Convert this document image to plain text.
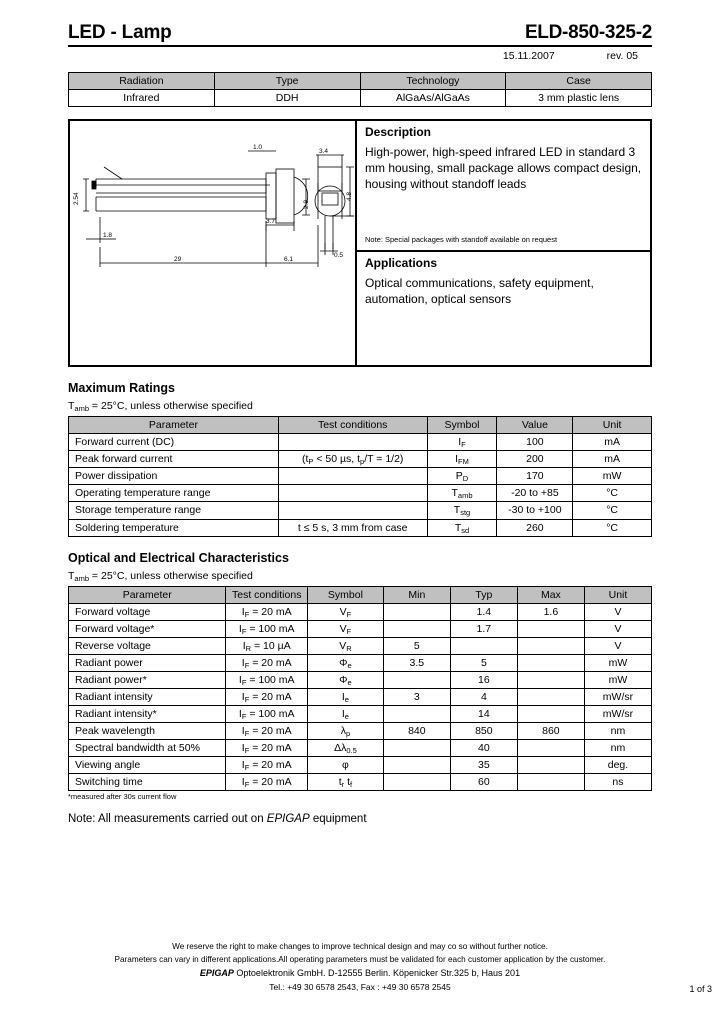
LED - Lamp	ELD-850-325-2
15.11.2007	rev. 05
Radiation	Type	Technology	Case
Infrared	DDH	AlGaAs/AlGaAs	3 mm plastic lens
2.54
1.8
29	6.1
3.7
1.0
2.8
3.4
4.8
0.5
Description
High-power, high-speed infrared LED in standard 3 mm housing, small package allows compact design, housing without standoff leads
Note: Special packages with standoff available on request
Applications
Optical communications, safety equipment, automation, optical sensors
Maximum Ratings
$T_{amb} = 25^\circ C$, unless otherwise specified
Parameter	Test conditions	Symbol	Value	Unit
Forward current (DC)		$I_F$	100	mA
Peak forward current	($t_P < 50$ µs, $t_p/T = 1/2$)	$I_{FM}$	200	mA
Power dissipation		$P_D$	170	mW
Operating temperature range		$T_{amb}$	-20 to +85	°C
Storage temperature range		$T_{stg}$	-30 to +100	°C
Soldering temperature	t ≤ 5 s, 3 mm from case	$T_{sd}$	260	°C
Optical and Electrical Characteristics
$T_{amb} = 25^\circ C$, unless otherwise specified
Parameter	Test conditions	Symbol	Min	Typ	Max	Unit
Forward voltage	$I_F = 20$ mA	$V_F$		1.4	1.6	V
Forward voltage*	$I_F = 100$ mA	$V_F$		1.7		V
Reverse voltage	$I_R = 10$ µA	$V_R$	5			V
Radiant power	$I_F = 20$ mA	$\Phi_e$	3.5	5		mW
Radiant power*	$I_F = 100$ mA	$\Phi_e$		16		mW
Radiant intensity	$I_F = 20$ mA	$I_e$	3	4		mW/sr
Radiant intensity*	$I_F = 100$ mA	$I_e$		14		mW/sr
Peak wavelength	$I_F = 20$ mA	$\lambda_p$	840	850	860	nm
Spectral bandwidth at 50%	$I_F = 20$ mA	$\Delta\lambda_{0.5}$		40		nm
Viewing angle	$I_F = 20$ mA	φ		35		deg.
Switching time	$I_F = 20$ mA	$t_r$ $t_f$		60		ns
*measured after 30s current flow
Note: All measurements carried out on EPIGAP equipment
We reserve the right to make changes to improve technical design and may co so without further notice.
Parameters can vary in different applications.All operating parameters must be validated for each customer application by the customer.
EPIGAP Optoelektronik GmbH. D-12555 Berlin. Köpenicker Str.325 b, Haus 201
Tel.: +49 30 6578 2543, Fax : +49 30 6578 2545	1 of 3
